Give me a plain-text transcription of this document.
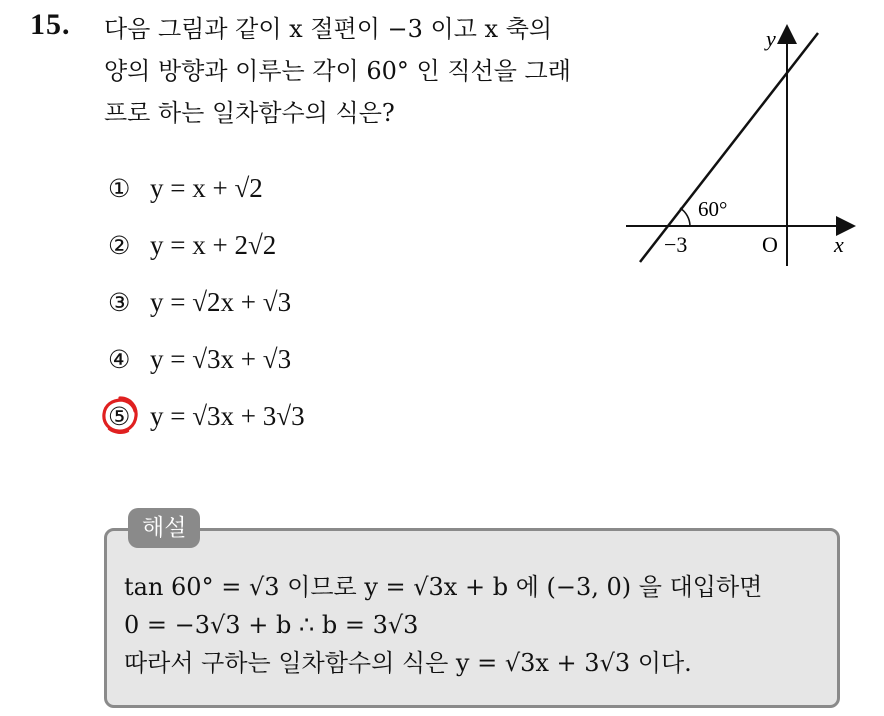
15. 다음 그림과 같이 x 절편이 −3 이고 x 축의
양의 방향과 이루는 각이 60° 인 직선을 그래
프로 하는 일차함수의 식은?
① y = x + √2
② y = x + 2√2
③ y = √2x + √3
④ y = √3x + √3
⑤ y = √3x + 3√3
y
x
O
−3
60°
해설
tan 60° = √3 이므로 y = √3x + b 에 (−3, 0) 을 대입하면
0 = −3√3 + b ∴ b = 3√3
따라서 구하는 일차함수의 식은 y = √3x + 3√3 이다.
